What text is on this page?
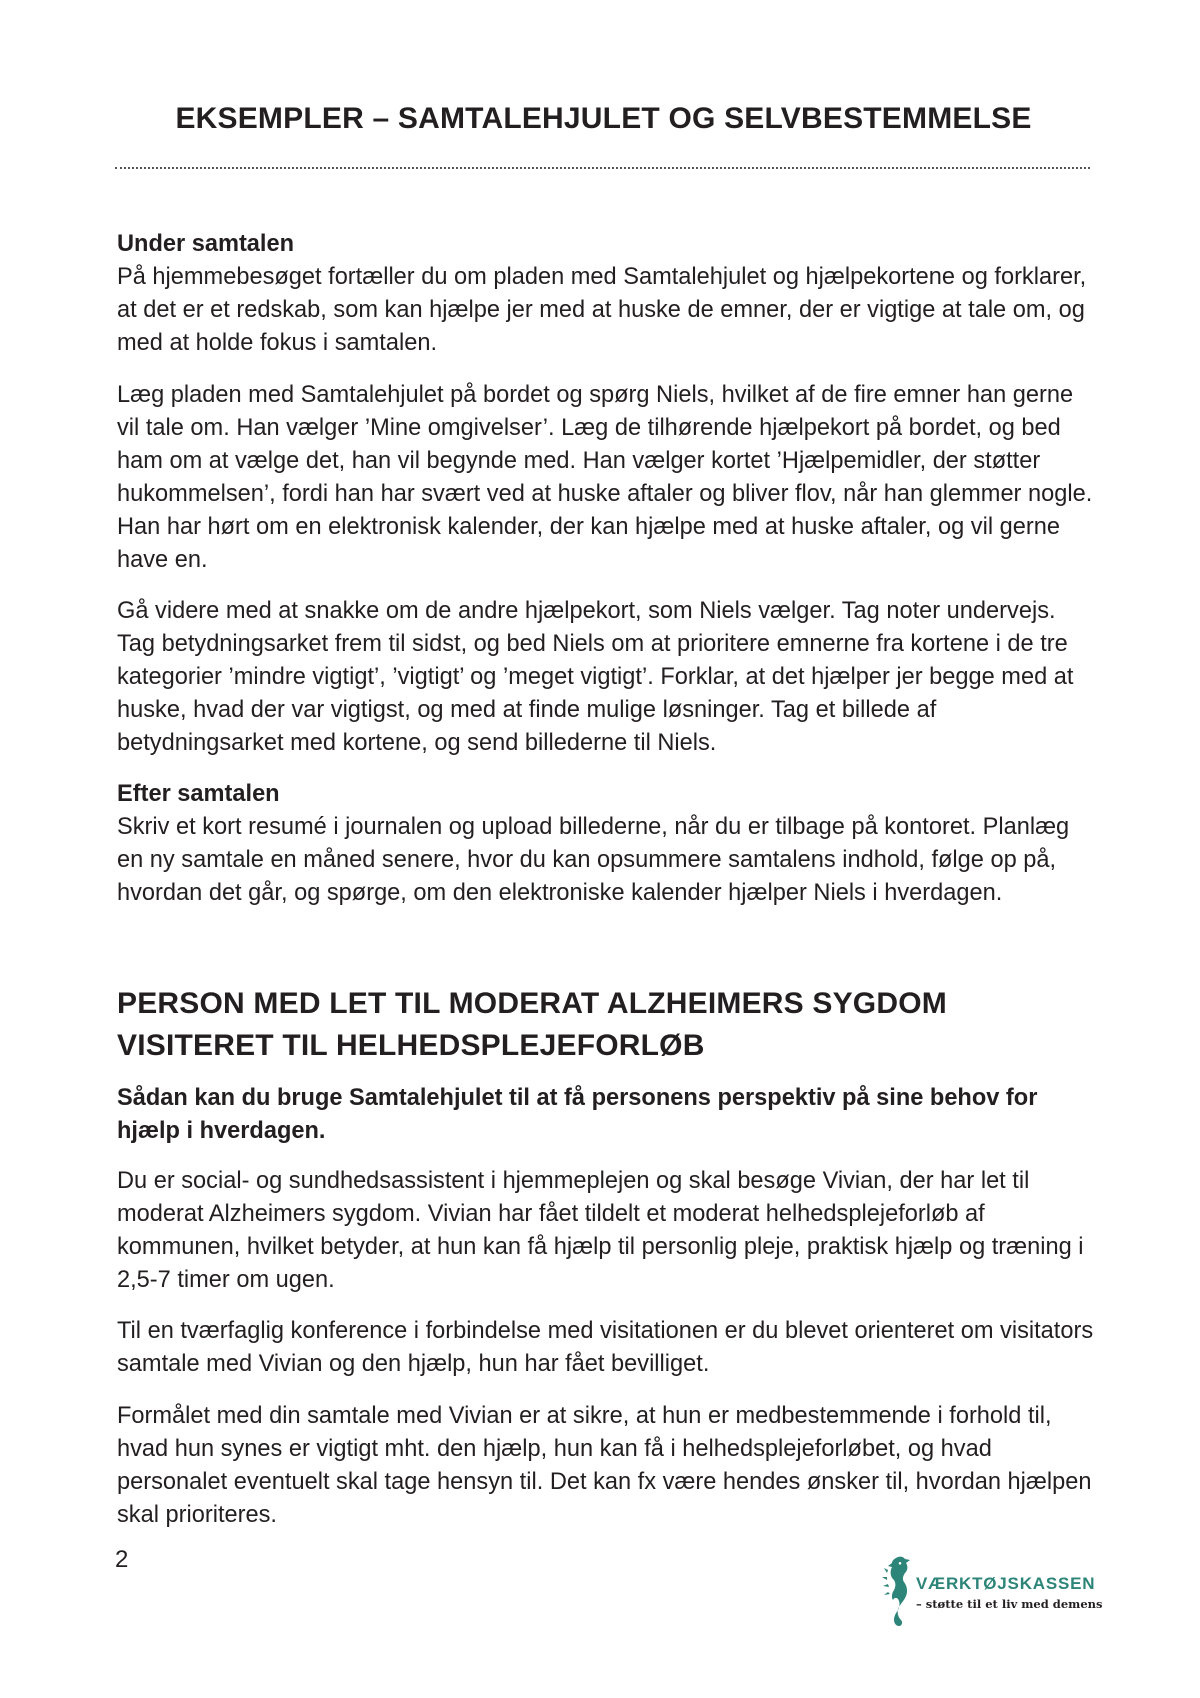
EKSEMPLER – SAMTALEHJULET OG SELVBESTEMMELSE

Under samtalen

På hjemmebesøget fortæller du om pladen med Samtalehjulet og hjælpekortene og forklarer, at det er et redskab, som kan hjælpe jer med at huske de emner, der er vigtige at tale om, og med at holde fokus i samtalen.

Læg pladen med Samtalehjulet på bordet og spørg Niels, hvilket af de fire emner han gerne vil tale om. Han vælger ’Mine omgivelser’. Læg de tilhørende hjælpekort på bordet, og bed ham om at vælge det, han vil begynde med. Han vælger kortet ’Hjælpemidler, der støtter hukommelsen’, fordi han har svært ved at huske aftaler og bliver flov, når han glemmer nogle. Han har hørt om en elektronisk kalender, der kan hjælpe med at huske aftaler, og vil gerne have en.

Gå videre med at snakke om de andre hjælpekort, som Niels vælger. Tag noter undervejs. Tag betydningsarket frem til sidst, og bed Niels om at prioritere emnerne fra kortene i de tre kategorier ’mindre vigtigt’, ’vigtigt’ og ’meget vigtigt’. Forklar, at det hjælper jer begge med at huske, hvad der var vigtigst, og med at finde mulige løsninger. Tag et billede af betydningsarket med kortene, og send billederne til Niels.

Efter samtalen

Skriv et kort resumé i journalen og upload billederne, når du er tilbage på kontoret. Planlæg en ny samtale en måned senere, hvor du kan opsummere samtalens indhold, følge op på, hvordan det går, og spørge, om den elektroniske kalender hjælper Niels i hverdagen.

PERSON MED LET TIL MODERAT ALZHEIMERS SYGDOM
VISITERET TIL HELHEDSPLEJEFORLØB

Sådan kan du bruge Samtalehjulet til at få personens perspektiv på sine behov for hjælp i hverdagen.

Du er social- og sundhedsassistent i hjemmeplejen og skal besøge Vivian, der har let til moderat Alzheimers sygdom. Vivian har fået tildelt et moderat helhedsplejeforløb af kommunen, hvilket betyder, at hun kan få hjælp til personlig pleje, praktisk hjælp og træning i 2,5-7 timer om ugen.

Til en tværfaglig konference i forbindelse med visitationen er du blevet orienteret om visitators samtale med Vivian og den hjælp, hun har fået bevilliget.

Formålet med din samtale med Vivian er at sikre, at hun er medbestemmende i forhold til, hvad hun synes er vigtigt mht. den hjælp, hun kan få i helhedsplejeforløbet, og hvad personalet eventuelt skal tage hensyn til. Det kan fx være hendes ønsker til, hvordan hjælpen skal prioriteres.

2
VÆRKTØJSKASSEN
– støtte til et liv med demens
